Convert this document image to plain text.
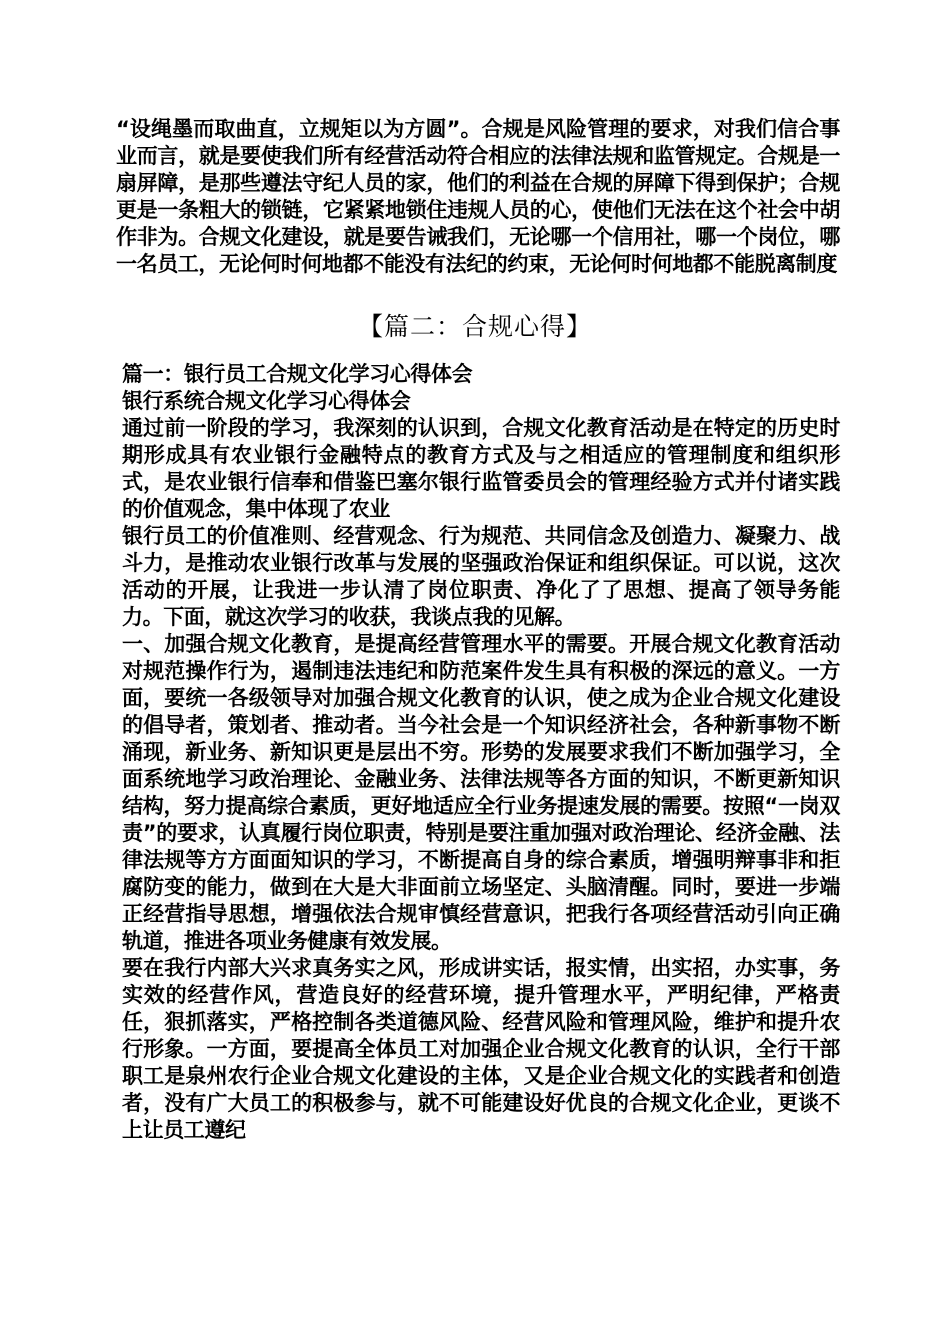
“设绳墨而取曲直，立规矩以为方圆”。合规是风险管理的要求，对我们信合事业而言，就是要使我们所有经营活动符合相应的法律法规和监管规定。合规是一扇屏障，是那些遵法守纪人员的家，他们的利益在合规的屏障下得到保护；合规更是一条粗大的锁链，它紧紧地锁住违规人员的心，使他们无法在这个社会中胡作非为。合规文化建设，就是要告诫我们，无论哪一个信用社，哪一个岗位，哪一名员工，无论何时何地都不能没有法纪的约束，无论何时何地都不能脱离制度

【篇二：合规心得】
篇一：银行员工合规文化学习心得体会
银行系统合规文化学习心得体会
通过前一阶段的学习，我深刻的认识到，合规文化教育活动是在特定的历史时期形成具有农业银行金融特点的教育方式及与之相适应的管理制度和组织形式，是农业银行信奉和借鉴巴塞尔银行监管委员会的管理经验方式并付诸实践的价值观念，集中体现了农业
银行员工的价值准则、经营观念、行为规范、共同信念及创造力、凝聚力、战斗力，是推动农业银行改革与发展的坚强政治保证和组织保证。可以说，这次活动的开展，让我进一步认清了岗位职责、净化了了思想、提高了领导务能力。下面，就这次学习的收获，我谈点我的见解。
一、加强合规文化教育，是提高经营管理水平的需要。开展合规文化教育活动对规范操作行为，遏制违法违纪和防范案件发生具有积极的深远的意义。一方面，要统一各级领导对加强合规文化教育的认识，使之成为企业合规文化建设的倡导者，策划者、推动者。当今社会是一个知识经济社会，各种新事物不断涌现，新业务、新知识更是层出不穷。形势的发展要求我们不断加强学习，全面系统地学习政治理论、金融业务、法律法规等各方面的知识，不断更新知识结构，努力提高综合素质，更好地适应全行业务提速发展的需要。按照“一岗双责”的要求，认真履行岗位职责，特别是要注重加强对政治理论、经济金融、法律法规等方方面面知识的学习，不断提高自身的综合素质，增强明辩事非和拒腐防变的能力，做到在大是大非面前立场坚定、头脑清醒。同时，要进一步端正经营指导思想，增强依法合规审慎经营意识，把我行各项经营活动引向正确轨道，推进各项业务健康有效发展。
要在我行内部大兴求真务实之风，形成讲实话，报实情，出实招，办实事，务实效的经营作风，营造良好的经营环境，提升管理水平，严明纪律，严格责任，狠抓落实，严格控制各类道德风险、经营风险和管理风险，维护和提升农行形象。一方面，要提高全体员工对加强企业合规文化教育的认识，全行干部职工是泉州农行企业合规文化建设的主体，又是企业合规文化的实践者和创造者，没有广大员工的积极参与，就不可能建设好优良的合规文化企业，更谈不上让员工遵纪
